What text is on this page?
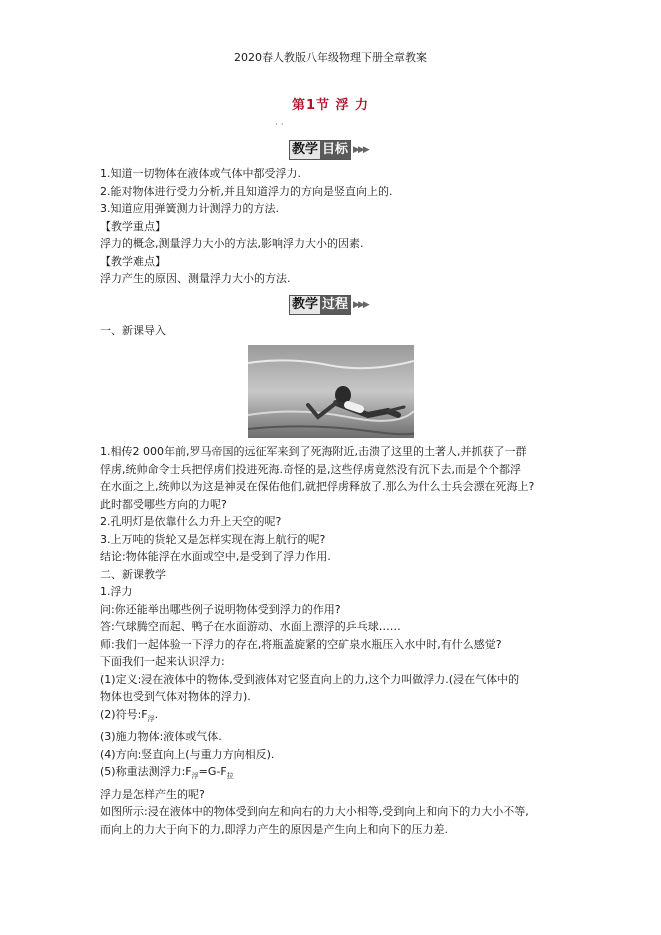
2020春人教版八年级物理下册全章教案
第1节 浮 力
· ·
教学 目标 ▶▶▶

1.知道一切物体在液体或气体中都受浮力.

2.能对物体进行受力分析,并且知道浮力的方向是竖直向上的.

3.知道应用弹簧测力计测浮力的方法.

【教学重点】

浮力的概念,测量浮力大小的方法,影响浮力大小的因素.

【教学难点】

浮力产生的原因、测量浮力大小的方法.

教学 过程 ▶▶▶

一、新课导入

1.相传2 000年前,罗马帝国的远征军来到了死海附近,击溃了这里的土著人,并抓获了一群

俘虏,统帅命令士兵把俘虏们投进死海.奇怪的是,这些俘虏竟然没有沉下去,而是个个都浮

在水面之上,统帅以为这是神灵在保佑他们,就把俘虏释放了.那么为什么士兵会漂在死海上?

此时都受哪些方向的力呢?

2.孔明灯是依靠什么力升上天空的呢?

3.上万吨的货轮又是怎样实现在海上航行的呢?

结论:物体能浮在水面或空中,是受到了浮力作用.

二、新课教学

1.浮力

问:你还能举出哪些例子说明物体受到浮力的作用?

答:气球腾空而起、鸭子在水面游动、水面上漂浮的乒乓球……

师:我们一起体验一下浮力的存在,将瓶盖旋紧的空矿泉水瓶压入水中时,有什么感觉?

下面我们一起来认识浮力:

(1)定义:浸在液体中的物体,受到液体对它竖直向上的力,这个力叫做浮力.(浸在气体中的

物体也受到气体对物体的浮力).

(2)符号$:F_浮$.

(3)施力物体:液体或气体.

(4)方向:竖直向上(与重力方向相反).

(5)称重法测浮力$:F_浮=G-F_拉$

浮力是怎样产生的呢?

如图所示:浸在液体中的物体受到向左和向右的力大小相等,受到向上和向下的力大小不等,

而向上的力大于向下的力,即浮力产生的原因是产生向上和向下的压力差.
